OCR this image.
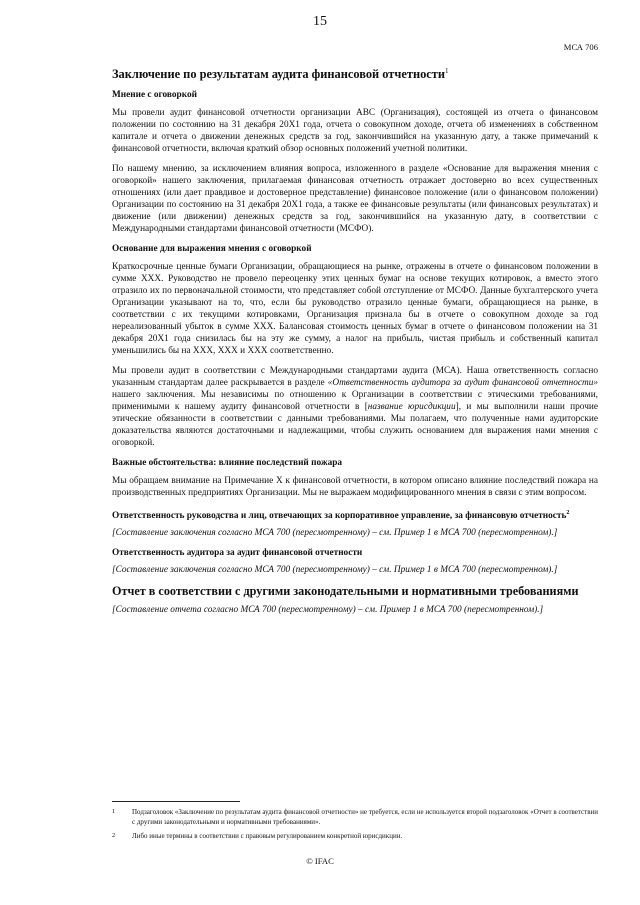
15
МСА 706

Заключение по результатам аудита финансовой отчетности$^1$

Мнение с оговоркой

Мы провели аудит финансовой отчетности организации ABC (Организация), состоящей из отчета о финансовом положении по состоянию на 31 декабря 20Х1 года, отчета о совокупном доходе, отчета об изменениях в собственном капитале и отчета о движении денежных средств за год, закончившийся на указанную дату, а также примечаний к финансовой отчетности, включая краткий обзор основных положений учетной политики.

По нашему мнению, за исключением влияния вопроса, изложенного в разделе «Основание для выражения мнения с оговоркой» нашего заключения, прилагаемая финансовая отчетность отражает достоверно во всех существенных отношениях (или дает правдивое и достоверное представление) финансовое положение (или о финансовом положении) Организации по состоянию на 31 декабря 20Х1 года, а также ее финансовые результаты (или финансовых результатах) и движение (или движении) денежных средств за год, закончившийся на указанную дату, в соответствии с Международными стандартами финансовой отчетности (МСФО).

Основание для выражения мнения с оговоркой

Краткосрочные ценные бумаги Организации, обращающиеся на рынке, отражены в отчете о финансовом положении в сумме XXX. Руководство не провело переоценку этих ценных бумаг на основе текущих котировок, а вместо этого отразило их по первоначальной стоимости, что представляет собой отступление от МСФО. Данные бухгалтерского учета Организации указывают на то, что, если бы руководство отразило ценные бумаги, обращающиеся на рынке, в соответствии с их текущими котировками, Организация признала бы в отчете о совокупном доходе за год нереализованный убыток в сумме XXX. Балансовая стоимость ценных бумаг в отчете о финансовом положении на 31 декабря 20Х1 года снизилась бы на эту же сумму, а налог на прибыль, чистая прибыль и собственный капитал уменьшились бы на XXX, XXX и XXX соответственно.

Мы провели аудит в соответствии с Международными стандартами аудита (МСА). Наша ответственность согласно указанным стандартам далее раскрывается в разделе «Ответственность аудитора за аудит финансовой отчетности» нашего заключения. Мы независимы по отношению к Организации в соответствии с этическими требованиями, применимыми к нашему аудиту финансовой отчетности в [название юрисдикции], и мы выполнили наши прочие этические обязанности в соответствии с данными требованиями. Мы полагаем, что полученные нами аудиторские доказательства являются достаточными и надлежащими, чтобы служить основанием для выражения нами мнения с оговоркой.

Важные обстоятельства: влияние последствий пожара

Мы обращаем внимание на Примечание X к финансовой отчетности, в котором описано влияние последствий пожара на производственных предприятиях Организации. Мы не выражаем модифицированного мнения в связи с этим вопросом.

Ответственность руководства и лиц, отвечающих за корпоративное управление, за финансовую отчетность$^2$

[Составление заключения согласно МСА 700 (пересмотренному) – см. Пример 1 в МСА 700 (пересмотренном).]

Ответственность аудитора за аудит финансовой отчетности

[Составление заключения согласно МСА 700 (пересмотренному) – см. Пример 1 в МСА 700 (пересмотренном).]

Отчет в соответствии с другими законодательными и нормативными требованиями

[Составление отчета согласно МСА 700 (пересмотренному) – см. Пример 1 в МСА 700 (пересмотренном).]

1 Подзаголовок «Заключение по результатам аудита финансовой отчетности» не требуется, если не используется второй подзаголовок «Отчет в соответствии с другими законодательными и нормативными требованиями».
2 Либо иные термины в соответствии с правовым регулированием конкретной юрисдикции.
© IFAC
